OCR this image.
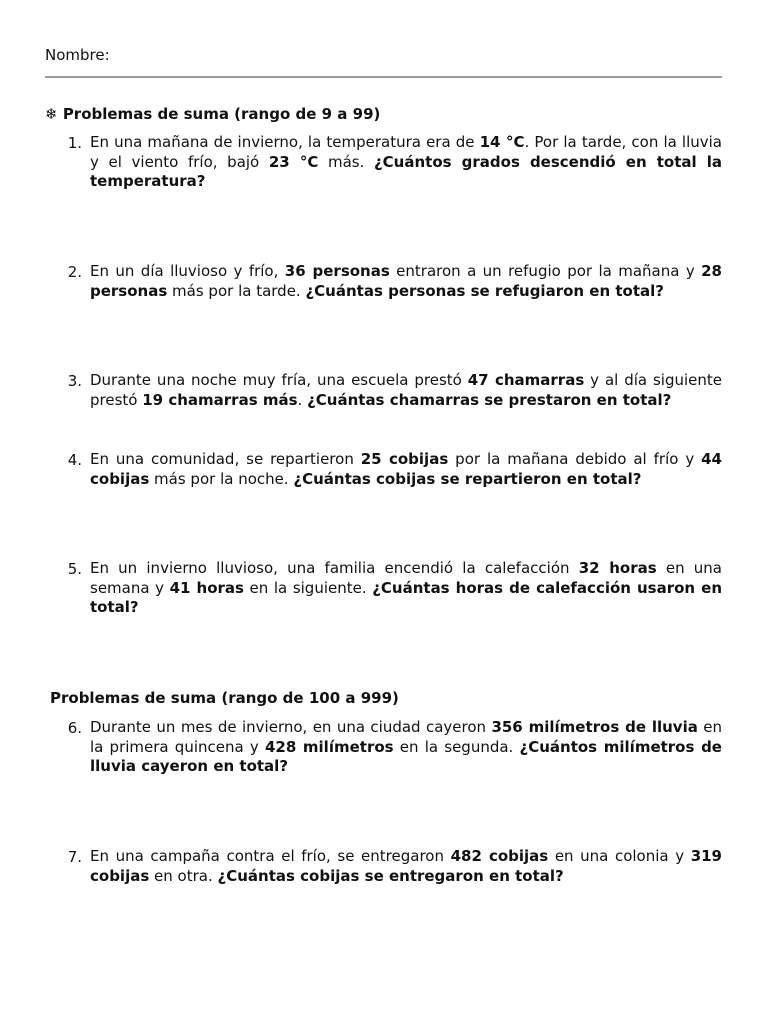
Nombre:
❄ Problemas de suma (rango de 9 a 99)
1. En una mañana de invierno, la temperatura era de 14 °C. Por la tarde, con la lluvia y el viento frío, bajó 23 °C más. ¿Cuántos grados descendió en total la temperatura?
2. En un día lluvioso y frío, 36 personas entraron a un refugio por la mañana y 28 personas más por la tarde. ¿Cuántas personas se refugiaron en total?
3. Durante una noche muy fría, una escuela prestó 47 chamarras y al día siguiente prestó 19 chamarras más. ¿Cuántas chamarras se prestaron en total?
4. En una comunidad, se repartieron 25 cobijas por la mañana debido al frío y 44 cobijas más por la noche. ¿Cuántas cobijas se repartieron en total?
5. En un invierno lluvioso, una familia encendió la calefacción 32 horas en una semana y 41 horas en la siguiente. ¿Cuántas horas de calefacción usaron en total?
Problemas de suma (rango de 100 a 999)
6. Durante un mes de invierno, en una ciudad cayeron 356 milímetros de lluvia en la primera quincena y 428 milímetros en la segunda. ¿Cuántos milímetros de lluvia cayeron en total?
7. En una campaña contra el frío, se entregaron 482 cobijas en una colonia y 319 cobijas en otra. ¿Cuántas cobijas se entregaron en total?
